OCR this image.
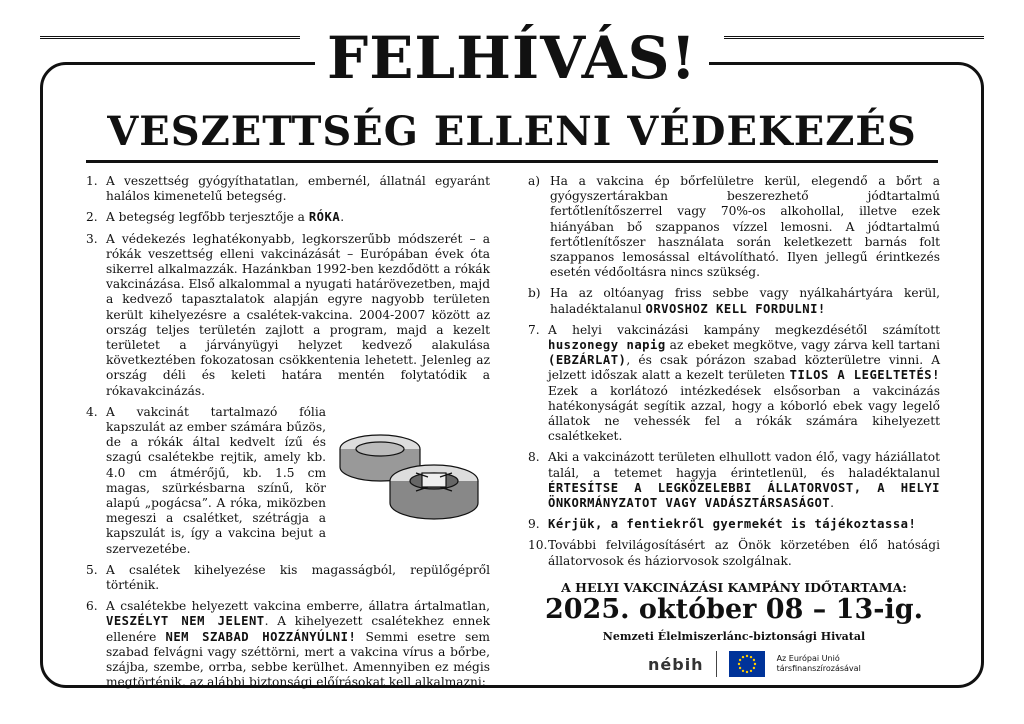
FELHÍVÁS!
VESZETTSÉG ELLENI VÉDEKEZÉS
1. A veszettség gyógyíthatatlan, embernél, állatnál egyaránt halálos kimenetelű betegség.
2. A betegség legfőbb terjesztője a RÓKA.
3. A védekezés leghatékonyabb, legkorszerűbb módszerét – a rókák veszettség elleni vakcinázását – Európában évek óta sikerrel alkalmazzák. Hazánkban 1992-ben kezdődött a rókák vakcinázása. Első alkalommal a nyugati határövezetben, majd a kedvező tapasztalatok alapján egyre nagyobb területen került kihelyezésre a csalétek-vakcina. 2004-2007 között az ország teljes területén zajlott a program, majd a kezelt területet a járványügyi helyzet kedvező alakulása következtében fokozatosan csökkentenia lehetett. Jelenleg az ország déli és keleti határa mentén folytatódik a rókavakcinázás.
4. A vakcinát tartalmazó fólia kapszulát az ember számára bűzös, de a rókák által kedvelt ízű és szagú csalétekbe rejtik, amely kb. 4.0 cm átmérőjű, kb. 1.5 cm magas, szürkésbarna színű, kör alapú „pogácsa”. A róka, miközben megeszi a csalétket, szétrágja a kapszulát is, így a vakcina bejut a szervezetébe.
5. A csalétek kihelyezése kis magasságból, repülőgépről történik.
6. A csalétekbe helyezett vakcina emberre, állatra ártalmatlan, VESZÉLYT NEM JELENT. A kihelyezett csalétekhez ennek ellenére NEM SZABAD HOZZÁNYÚLNI! Semmi esetre sem szabad felvágni vagy széttörni, mert a vakcina vírus a bőrbe, szájba, szembe, orrba, sebbe kerülhet. Amennyiben ez mégis megtörténik, az alábbi biztonsági előírásokat kell alkalmazni:
a) Ha a vakcina ép bőrfelületre kerül, elegendő a bőrt a gyógyszertárakban beszerezhető jódtartalmú fertőtlenítőszerrel vagy 70%-os alkohollal, illetve ezek hiányában bő szappanos vízzel lemosni. A jódtartalmú fertőtlenítőszer használata során keletkezett barnás folt szappanos lemosással eltávolítható. Ilyen jellegű érintkezés esetén védőoltásra nincs szükség.
b) Ha az oltóanyag friss sebbe vagy nyálkahártyára kerül, haladéktalanul ORVOSHOZ KELL FORDULNI!
7. A helyi vakcinázási kampány megkezdésétől számított huszonegy napig az ebeket megkötve, vagy zárva kell tartani (EBZÁRLAT), és csak pórázon szabad közterületre vinni. A jelzett időszak alatt a kezelt területen TILOS A LEGELTETÉS! Ezek a korlátozó intézkedések elsősorban a vakcinázás hatékonyságát segítik azzal, hogy a kóborló ebek vagy legelő állatok ne vehessék fel a rókák számára kihelyezett csalétkeket.
8. Aki a vakcinázott területen elhullott vadon élő, vagy háziállatot talál, a tetemet hagyja érintetlenül, és haladéktalanul ÉRTESÍTSE A LEGKÖZELEBBI ÁLLATORVOST, A HELYI ÖNKORMÁNYZATOT VAGY VADÁSZTÁRSASÁGOT.
9. Kérjük, a fentiekről gyermekét is tájékoztassa!
10. További felvilágosításért az Önök körzetében élő hatósági állatorvosok és háziorvosok szolgálnak.
A HELYI VAKCINÁZÁSI KAMPÁNY IDŐTARTAMA:
2025. október 08 – 13-ig.
Nemzeti Élelmiszerlánc-biztonsági Hivatal
nébih	Az Európai Unió
társfinanszírozásával
